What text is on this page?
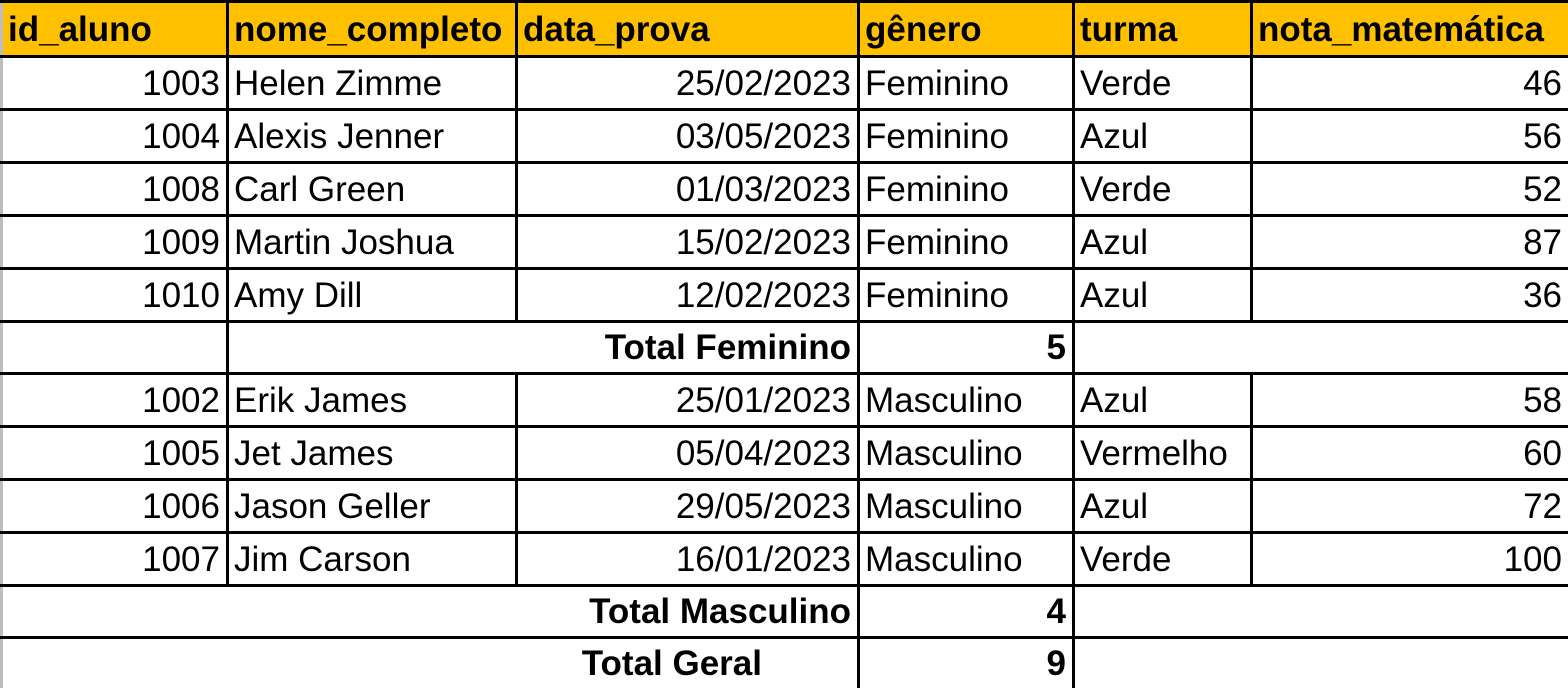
id_aluno	nome_completo	data_prova	gênero	turma	nota_matemática
1003	Helen Zimme	25/02/2023	Feminino	Verde	46
1004	Alexis Jenner	03/05/2023	Feminino	Azul	56
1008	Carl Green	01/03/2023	Feminino	Verde	52
1009	Martin Joshua	15/02/2023	Feminino	Azul	87
1010	Amy Dill	12/02/2023	Feminino	Azul	36
	Total Feminino		5		
1002	Erik James	25/01/2023	Masculino	Azul	58
1005	Jet James	05/04/2023	Masculino	Vermelho	60
1006	Jason Geller	29/05/2023	Masculino	Azul	72
1007	Jim Carson	16/01/2023	Masculino	Verde	100
Total Masculino			4		
Total Geral			9		
